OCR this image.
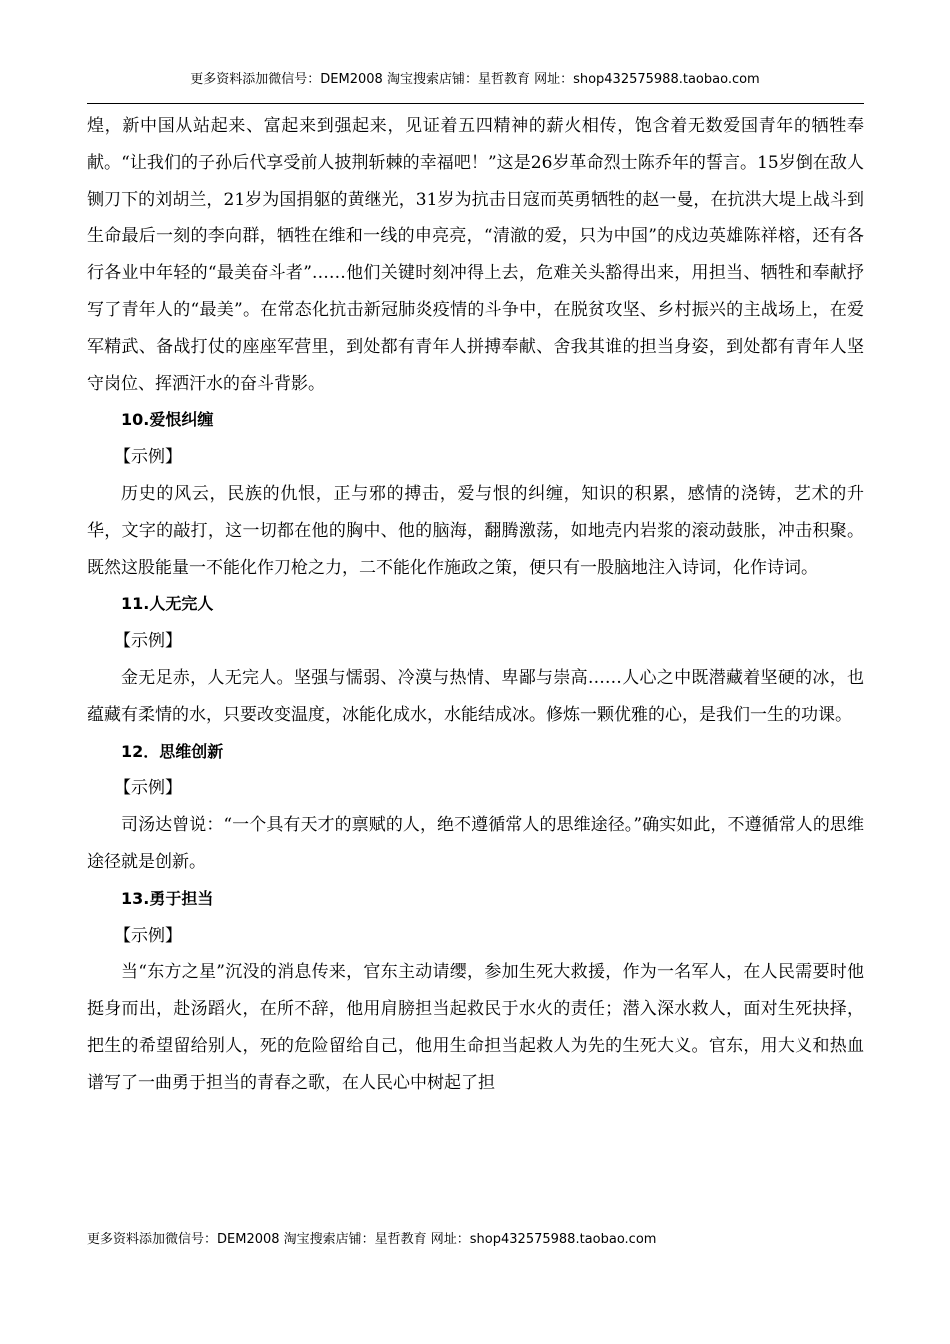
更多资料添加微信号：DEM2008 淘宝搜索店铺：星哲教育 网址：shop432575988.taobao.com

煌，新中国从站起来、富起来到强起来，见证着五四精神的薪火相传，饱含着无数爱国青年的牺牲奉献。“让我们的子孙后代享受前人披荆斩棘的幸福吧！”这是26岁革命烈士陈乔年的誓言。15岁倒在敌人铡刀下的刘胡兰，21岁为国捐躯的黄继光，31岁为抗击日寇而英勇牺牲的赵一曼，在抗洪大堤上战斗到生命最后一刻的李向群，牺牲在维和一线的申亮亮，“清澈的爱，只为中国”的戍边英雄陈祥榕，还有各行各业中年轻的“最美奋斗者”……他们关键时刻冲得上去，危难关头豁得出来，用担当、牺牲和奉献抒写了青年人的“最美”。在常态化抗击新冠肺炎疫情的斗争中，在脱贫攻坚、乡村振兴的主战场上，在爱军精武、备战打仗的座座军营里，到处都有青年人拼搏奉献、舍我其谁的担当身姿，到处都有青年人坚守岗位、挥洒汗水的奋斗背影。

10.爱恨纠缠

【示例】

历史的风云，民族的仇恨，正与邪的搏击，爱与恨的纠缠，知识的积累，感情的浇铸，艺术的升华，文字的敲打，这一切都在他的胸中、他的脑海，翻腾激荡，如地壳内岩浆的滚动鼓胀，冲击积聚。既然这股能量一不能化作刀枪之力，二不能化作施政之策，便只有一股脑地注入诗词，化作诗词。

11.人无完人

【示例】

金无足赤，人无完人。坚强与懦弱、冷漠与热情、卑鄙与崇高……人心之中既潜藏着坚硬的冰，也蕴藏有柔情的水，只要改变温度，冰能化成水，水能结成冰。修炼一颗优雅的心，是我们一生的功课。

12．思维创新

【示例】

司汤达曾说：“一个具有天才的禀赋的人，绝不遵循常人的思维途径。”确实如此，不遵循常人的思维途径就是创新。

13.勇于担当

【示例】

当“东方之星”沉没的消息传来，官东主动请缨，参加生死大救援，作为一名军人，在人民需要时他挺身而出，赴汤蹈火，在所不辞，他用肩膀担当起救民于水火的责任；潜入深水救人，面对生死抉择，把生的希望留给别人，死的危险留给自己，他用生命担当起救人为先的生死大义。官东，用大义和热血谱写了一曲勇于担当的青春之歌，在人民心中树起了担

更多资料添加微信号：DEM2008 淘宝搜索店铺：星哲教育 网址：shop432575988.taobao.com
